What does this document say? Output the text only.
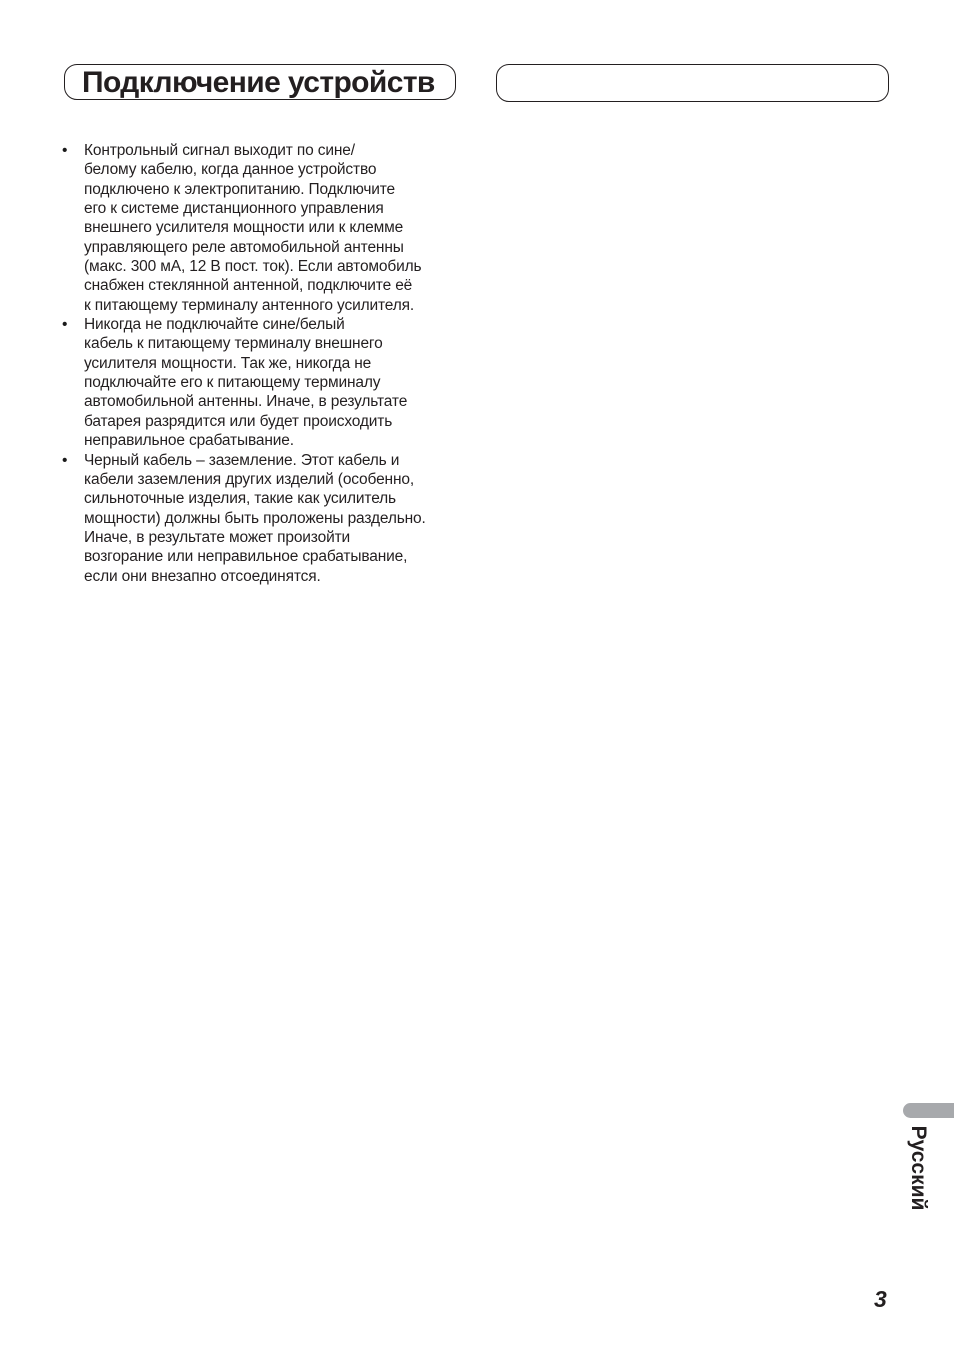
Подключение устройств
• Контрольный сигнал выходит по сине/
белому кабелю, когда данное устройство
подключено к электропитанию. Подключите
его к системе дистанционного управления
внешнего усилителя мощности или к клемме
управляющего реле автомобильной антенны
(макс. 300 мА, 12 В пост. ток). Если автомобиль
снабжен стеклянной антенной, подключите её
к питающему терминалу антенного усилителя.
• Никогда не подключайте сине/белый
кабель к питающему терминалу внешнего
усилителя мощности. Так же, никогда не
подключайте его к питающему терминалу
автомобильной антенны. Иначе, в результате
батарея разрядится или будет происходить
неправильное срабатывание.
• Черный кабель – заземление. Этот кабель и
кабели заземления других изделий (особенно,
сильноточные изделия, такие как усилитель
мощности) должны быть проложены раздельно.
Иначе, в результате может произойти
возгорание или неправильное срабатывание,
если они внезапно отсоединятся.
Русский
3
